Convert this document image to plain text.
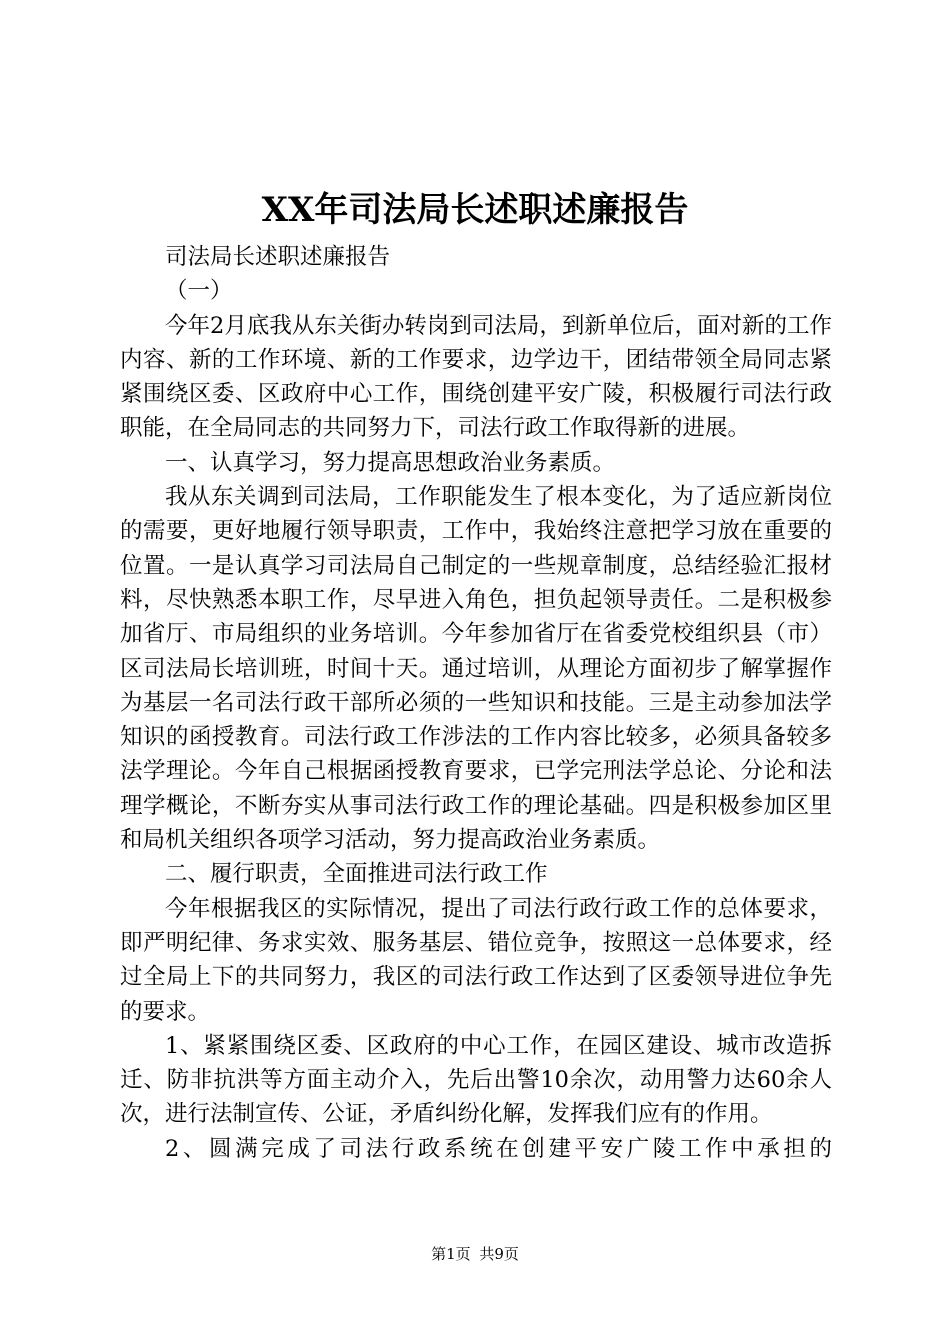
XX年司法局长述职述廉报告

司法局长述职述廉报告

（一）

今年2月底我从东关街办转岗到司法局，到新单位后，面对新的工作内容、新的工作环境、新的工作要求，边学边干，团结带领全局同志紧紧围绕区委、区政府中心工作，围绕创建平安广陵，积极履行司法行政职能，在全局同志的共同努力下，司法行政工作取得新的进展。

一、认真学习，努力提高思想政治业务素质。

我从东关调到司法局，工作职能发生了根本变化，为了适应新岗位的需要，更好地履行领导职责，工作中，我始终注意把学习放在重要的位置。一是认真学习司法局自己制定的一些规章制度，总结经验汇报材料，尽快熟悉本职工作，尽早进入角色，担负起领导责任。二是积极参加省厅、市局组织的业务培训。今年参加省厅在省委党校组织县（市）区司法局长培训班，时间十天。通过培训，从理论方面初步了解掌握作为基层一名司法行政干部所必须的一些知识和技能。三是主动参加法学知识的函授教育。司法行政工作涉法的工作内容比较多，必须具备较多法学理论。今年自己根据函授教育要求，已学完刑法学总论、分论和法理学概论，不断夯实从事司法行政工作的理论基础。四是积极参加区里和局机关组织各项学习活动，努力提高政治业务素质。

二、履行职责，全面推进司法行政工作

今年根据我区的实际情况，提出了司法行政行政工作的总体要求，即严明纪律、务求实效、服务基层、错位竞争，按照这一总体要求，经过全局上下的共同努力，我区的司法行政工作达到了区委领导进位争先的要求。

1、紧紧围绕区委、区政府的中心工作，在园区建设、城市改造拆迁、防非抗洪等方面主动介入，先后出警10余次，动用警力达60余人次，进行法制宣传、公证，矛盾纠纷化解，发挥我们应有的作用。

2、圆满完成了司法行政系统在创建平安广陵工作中承担的

第1页 共9页
